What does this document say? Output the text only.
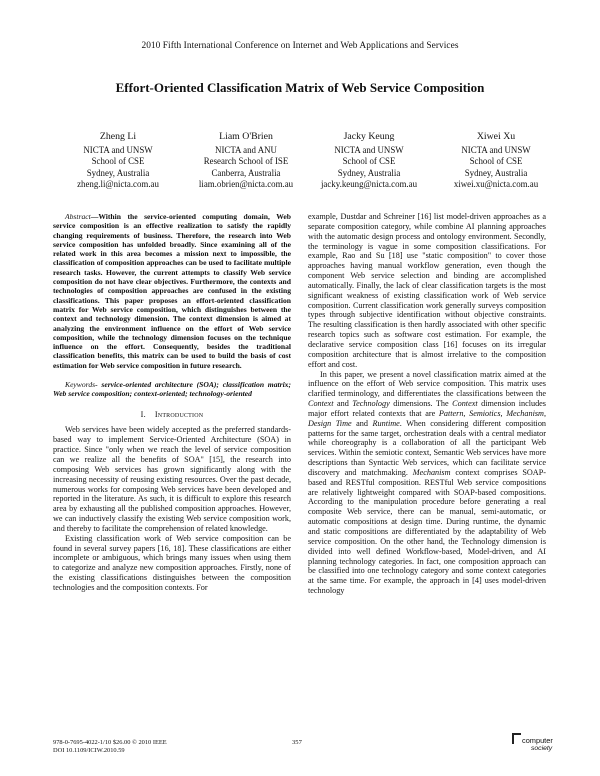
2010 Fifth International Conference on Internet and Web Applications and Services
Effort-Oriented Classification Matrix of Web Service Composition
Zheng Li
NICTA and UNSW
School of CSE
Sydney, Australia
zheng.li@nicta.com.au
Liam O'Brien
NICTA and ANU
Research School of ISE
Canberra, Australia
liam.obrien@nicta.com.au
Jacky Keung
NICTA and UNSW
School of CSE
Sydney, Australia
jacky.keung@nicta.com.au
Xiwei Xu
NICTA and UNSW
School of CSE
Sydney, Australia
xiwei.xu@nicta.com.au

Abstract—Within the service-oriented computing domain, Web service composition is an effective realization to satisfy the rapidly changing requirements of business. Therefore, the research into Web service composition has unfolded broadly. Since examining all of the related work in this area becomes a mission next to impossible, the classification of composition approaches can be used to facilitate multiple research tasks. However, the current attempts to classify Web service composition do not have clear objectives. Furthermore, the contexts and technologies of composition approaches are confused in the existing classifications. This paper proposes an effort-oriented classification matrix for Web service composition, which distinguishes between the context and technology dimension. The context dimension is aimed at analyzing the environment influence on the effort of Web service composition, while the technology dimension focuses on the technique influence on the effort. Consequently, besides the traditional classification benefits, this matrix can be used to build the basis of cost estimation for Web service composition in future research.

Keywords- service-oriented architecture (SOA); classification matrix; Web service composition; context-oriented; technology-oriented

I. Introduction

Web services have been widely accepted as the preferred standards-based way to implement Service-Oriented Architecture (SOA) in practice. Since "only when we reach the level of service composition can we realize all the benefits of SOA" [15], the research into composing Web services has grown significantly along with the increasing necessity of reusing existing resources. Over the past decade, numerous works for composing Web services have been developed and reported in the literature. As such, it is difficult to explore this research area by exhausting all the published composition approaches. However, we can inductively classify the existing Web service composition work, and thereby to facilitate the comprehension of related knowledge.

Existing classification work of Web service composition can be found in several survey papers [16, 18]. These classifications are either incomplete or ambiguous, which brings many issues when using them to categorize and analyze new composition approaches. Firstly, none of the existing classifications distinguishes between the composition technologies and the composition contexts. For

example, Dustdar and Schreiner [16] list model-driven approaches as a separate composition category, while combine AI planning approaches with the automatic design process and ontology environment. Secondly, the terminology is vague in some composition classifications. For example, Rao and Su [18] use "static composition" to cover those approaches having manual workflow generation, even though the component Web service selection and binding are accomplished automatically. Finally, the lack of clear classification targets is the most significant weakness of existing classification work of Web service composition. Current classification work generally surveys composition types through subjective identification without objective constraints. The resulting classification is then hardly associated with other specific research topics such as software cost estimation. For example, the declarative service composition class [16] focuses on its irregular composition architecture that is almost irrelative to the composition effort and cost.

In this paper, we present a novel classification matrix aimed at the influence on the effort of Web service composition. This matrix uses clarified terminology, and differentiates the classifications between the Context and Technology dimensions. The Context dimension includes major effort related contexts that are Pattern, Semiotics, Mechanism, Design Time and Runtime. When considering different composition patterns for the same target, orchestration deals with a central mediator while choreography is a collaboration of all the participant Web services. Within the semiotic context, Semantic Web services have more descriptions than Syntactic Web services, which can facilitate service discovery and matchmaking. Mechanism context comprises SOAP-based and RESTful composition. RESTful Web service compositions are relatively lightweight compared with SOAP-based compositions. According to the manipulation procedure before generating a real composite Web service, there can be manual, semi-automatic, or automatic compositions at design time. During runtime, the dynamic and static compositions are differentiated by the adaptability of Web service composition. On the other hand, the Technology dimension is divided into well defined Workflow-based, Model-driven, and AI planning technology categories. In fact, one composition approach can be classified into one technology category and some context categories at the same time. For example, the approach in [4] uses model-driven technology

978-0-7695-4022-1/10 $26.00 © 2010 IEEE
DOI 10.1109/ICIW.2010.59
357	computer
society
